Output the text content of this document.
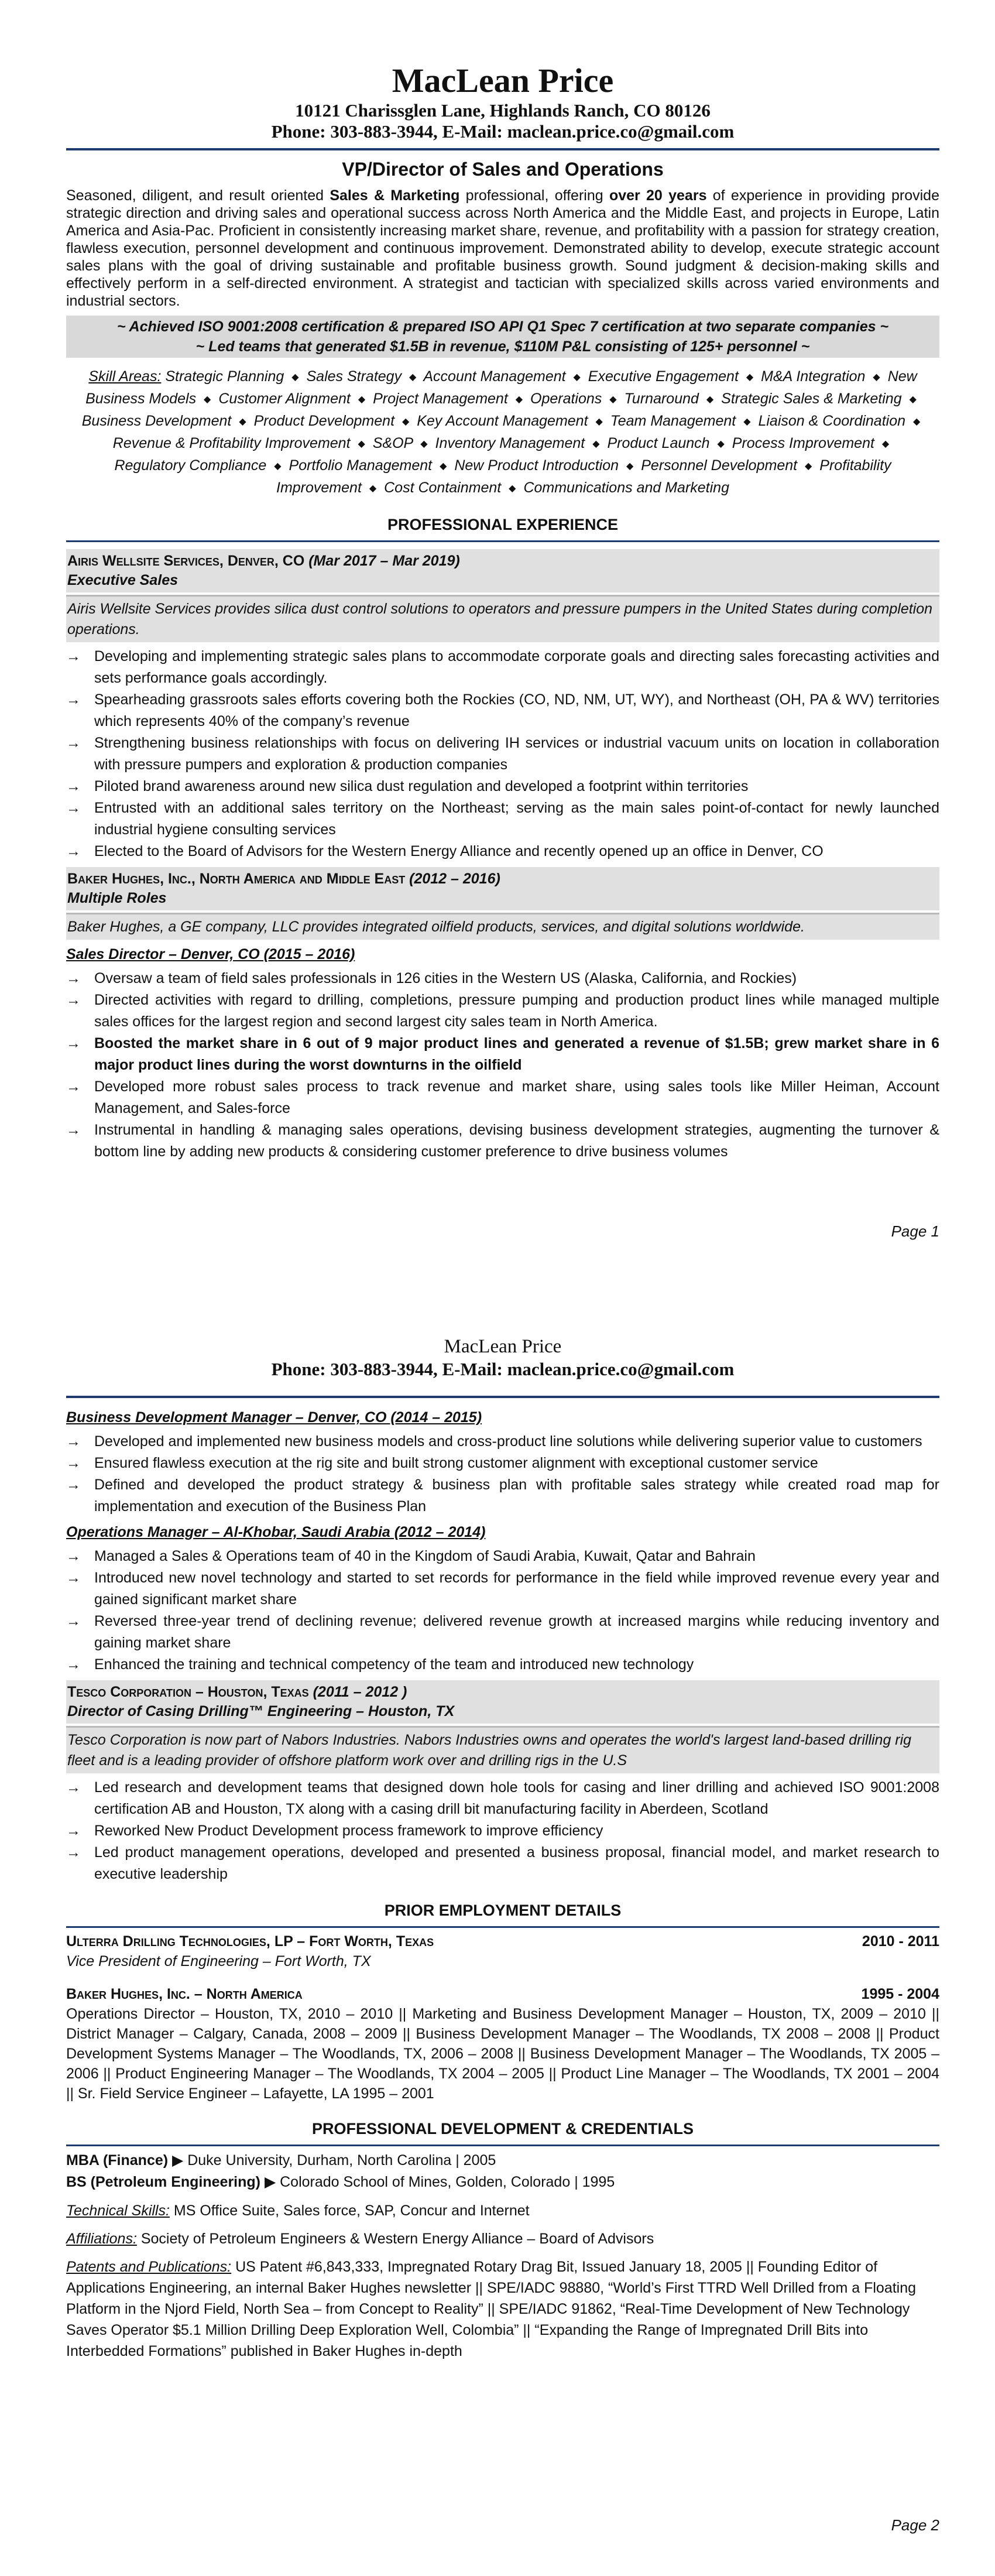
MacLean Price
10121 Charissglen Lane, Highlands Ranch, CO 80126
Phone: 303-883-3944, E-Mail: maclean.price.co@gmail.com
VP/Director of Sales and Operations
Seasoned, diligent, and result oriented Sales & Marketing professional, offering over 20 years of experience in providing provide strategic direction and driving sales and operational success across North America and the Middle East, and projects in Europe, Latin America and Asia-Pac. Proficient in consistently increasing market share, revenue, and profitability with a passion for strategy creation, flawless execution, personnel development and continuous improvement. Demonstrated ability to develop, execute strategic account sales plans with the goal of driving sustainable and profitable business growth. Sound judgment & decision-making skills and effectively perform in a self-directed environment. A strategist and tactician with specialized skills across varied environments and industrial sectors.
~ Achieved ISO 9001:2008 certification & prepared ISO API Q1 Spec 7 certification at two separate companies ~
~ Led teams that generated $1.5B in revenue, $110M P&L consisting of 125+ personnel ~
Skill Areas: Strategic Planning ◆ Sales Strategy ◆ Account Management ◆ Executive Engagement ◆ M&A Integration ◆ New Business Models ◆ Customer Alignment ◆ Project Management ◆ Operations ◆ Turnaround ◆ Strategic Sales & Marketing ◆ Business Development ◆ Product Development ◆ Key Account Management ◆ Team Management ◆ Liaison & Coordination ◆ Revenue & Profitability Improvement ◆ S&OP ◆ Inventory Management ◆ Product Launch ◆ Process Improvement ◆ Regulatory Compliance ◆ Portfolio Management ◆ New Product Introduction ◆ Personnel Development ◆ Profitability Improvement ◆ Cost Containment ◆ Communications and Marketing
PROFESSIONAL EXPERIENCE
Airis Wellsite Services, Denver, CO (Mar 2017 – Mar 2019)
Executive Sales
Airis Wellsite Services provides silica dust control solutions to operators and pressure pumpers in the United States during completion operations.
→ Developing and implementing strategic sales plans to accommodate corporate goals and directing sales forecasting activities and sets performance goals accordingly.
→ Spearheading grassroots sales efforts covering both the Rockies (CO, ND, NM, UT, WY), and Northeast (OH, PA & WV) territories which represents 40% of the company’s revenue
→ Strengthening business relationships with focus on delivering IH services or industrial vacuum units on location in collaboration with pressure pumpers and exploration & production companies
→ Piloted brand awareness around new silica dust regulation and developed a footprint within territories
→ Entrusted with an additional sales territory on the Northeast; serving as the main sales point-of-contact for newly launched industrial hygiene consulting services
→ Elected to the Board of Advisors for the Western Energy Alliance and recently opened up an office in Denver, CO
Baker Hughes, Inc., North America and Middle East (2012 – 2016)
Multiple Roles
Baker Hughes, a GE company, LLC provides integrated oilfield products, services, and digital solutions worldwide.
Sales Director – Denver, CO (2015 – 2016)
→ Oversaw a team of field sales professionals in 126 cities in the Western US (Alaska, California, and Rockies)
→ Directed activities with regard to drilling, completions, pressure pumping and production product lines while managed multiple sales offices for the largest region and second largest city sales team in North America.
→ Boosted the market share in 6 out of 9 major product lines and generated a revenue of $1.5B; grew market share in 6 major product lines during the worst downturns in the oilfield
→ Developed more robust sales process to track revenue and market share, using sales tools like Miller Heiman, Account Management, and Sales-force
→ Instrumental in handling & managing sales operations, devising business development strategies, augmenting the turnover & bottom line by adding new products & considering customer preference to drive business volumes
Page 1
MacLean Price
Phone: 303-883-3944, E-Mail: maclean.price.co@gmail.com
Business Development Manager – Denver, CO (2014 – 2015)
→ Developed and implemented new business models and cross-product line solutions while delivering superior value to customers
→ Ensured flawless execution at the rig site and built strong customer alignment with exceptional customer service
→ Defined and developed the product strategy & business plan with profitable sales strategy while created road map for implementation and execution of the Business Plan
Operations Manager – Al-Khobar, Saudi Arabia (2012 – 2014)
→ Managed a Sales & Operations team of 40 in the Kingdom of Saudi Arabia, Kuwait, Qatar and Bahrain
→ Introduced new novel technology and started to set records for performance in the field while improved revenue every year and gained significant market share
→ Reversed three-year trend of declining revenue; delivered revenue growth at increased margins while reducing inventory and gaining market share
→ Enhanced the training and technical competency of the team and introduced new technology
Tesco Corporation – Houston, Texas (2011 – 2012 )
Director of Casing Drilling™ Engineering – Houston, TX
Tesco Corporation is now part of Nabors Industries. Nabors Industries owns and operates the world's largest land-based drilling rig fleet and is a leading provider of offshore platform work over and drilling rigs in the U.S
→ Led research and development teams that designed down hole tools for casing and liner drilling and achieved ISO 9001:2008 certification AB and Houston, TX along with a casing drill bit manufacturing facility in Aberdeen, Scotland
→ Reworked New Product Development process framework to improve efficiency
→ Led product management operations, developed and presented a business proposal, financial model, and market research to executive leadership
PRIOR EMPLOYMENT DETAILS
Ulterra Drilling Technologies, LP – Fort Worth, Texas	2010 - 2011
Vice President of Engineering – Fort Worth, TX
Baker Hughes, Inc. – North America	1995 - 2004
Operations Director – Houston, TX, 2010 – 2010 || Marketing and Business Development Manager – Houston, TX, 2009 – 2010 || District Manager – Calgary, Canada, 2008 – 2009 || Business Development Manager – The Woodlands, TX 2008 – 2008 || Product Development Systems Manager – The Woodlands, TX, 2006 – 2008 || Business Development Manager – The Woodlands, TX 2005 – 2006 || Product Engineering Manager – The Woodlands, TX 2004 – 2005 || Product Line Manager – The Woodlands, TX 2001 – 2004 || Sr. Field Service Engineer – Lafayette, LA 1995 – 2001
PROFESSIONAL DEVELOPMENT & CREDENTIALS
MBA (Finance) ▶ Duke University, Durham, North Carolina | 2005
BS (Petroleum Engineering) ▶ Colorado School of Mines, Golden, Colorado | 1995
Technical Skills: MS Office Suite, Sales force, SAP, Concur and Internet
Affiliations: Society of Petroleum Engineers & Western Energy Alliance – Board of Advisors
Patents and Publications: US Patent #6,843,333, Impregnated Rotary Drag Bit, Issued January 18, 2005 || Founding Editor of Applications Engineering, an internal Baker Hughes newsletter || SPE/IADC 98880, “World’s First TTRD Well Drilled from a Floating Platform in the Njord Field, North Sea – from Concept to Reality” || SPE/IADC 91862, “Real-Time Development of New Technology Saves Operator $5.1 Million Drilling Deep Exploration Well, Colombia” || “Expanding the Range of Impregnated Drill Bits into Interbedded Formations” published in Baker Hughes in-depth
Page 2
